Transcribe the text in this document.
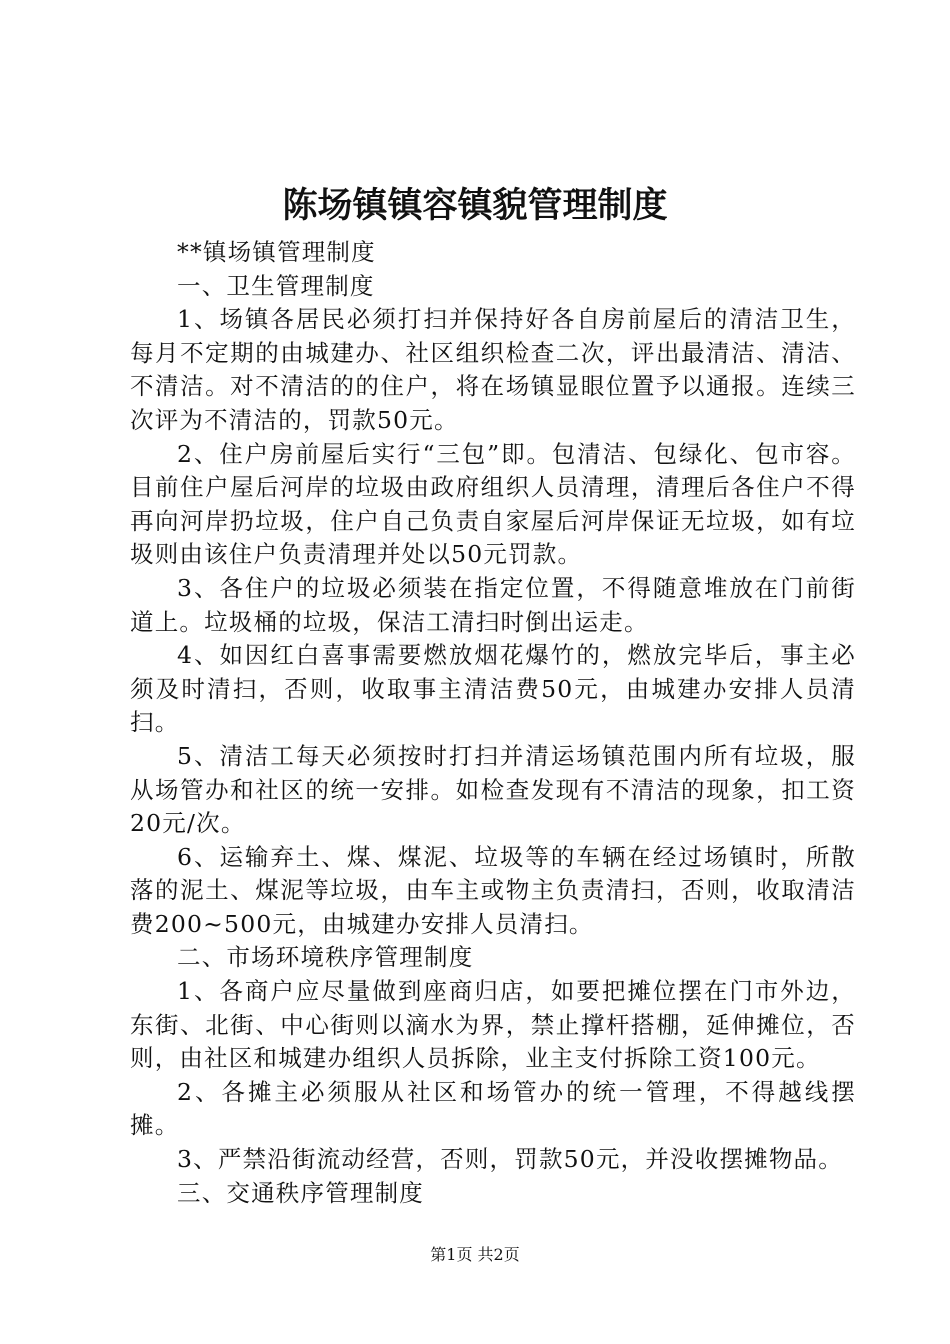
陈场镇镇容镇貌管理制度

**镇场镇管理制度

一、卫生管理制度

1、场镇各居民必须打扫并保持好各自房前屋后的清洁卫生，每月不定期的由城建办、社区组织检查二次，评出最清洁、清洁、不清洁。对不清洁的的住户，将在场镇显眼位置予以通报。连续三次评为不清洁的，罚款50元。

2、住户房前屋后实行“三包”即。包清洁、包绿化、包市容。目前住户屋后河岸的垃圾由政府组织人员清理，清理后各住户不得再向河岸扔垃圾，住户自己负责自家屋后河岸保证无垃圾，如有垃圾则由该住户负责清理并处以50元罚款。

3、各住户的垃圾必须装在指定位置，不得随意堆放在门前街道上。垃圾桶的垃圾，保洁工清扫时倒出运走。

4、如因红白喜事需要燃放烟花爆竹的，燃放完毕后，事主必须及时清扫，否则，收取事主清洁费50元，由城建办安排人员清扫。

5、清洁工每天必须按时打扫并清运场镇范围内所有垃圾，服从场管办和社区的统一安排。如检查发现有不清洁的现象，扣工资20元/次。

6、运输弃土、煤、煤泥、垃圾等的车辆在经过场镇时，所散落的泥土、煤泥等垃圾，由车主或物主负责清扫，否则，收取清洁费200~500元，由城建办安排人员清扫。

二、市场环境秩序管理制度

1、各商户应尽量做到座商归店，如要把摊位摆在门市外边，东街、北街、中心街则以滴水为界，禁止撑杆搭棚，延伸摊位，否则，由社区和城建办组织人员拆除，业主支付拆除工资100元。

2、各摊主必须服从社区和场管办的统一管理，不得越线摆摊。

3、严禁沿街流动经营，否则，罚款50元，并没收摆摊物品。

三、交通秩序管理制度

第1页 共2页
